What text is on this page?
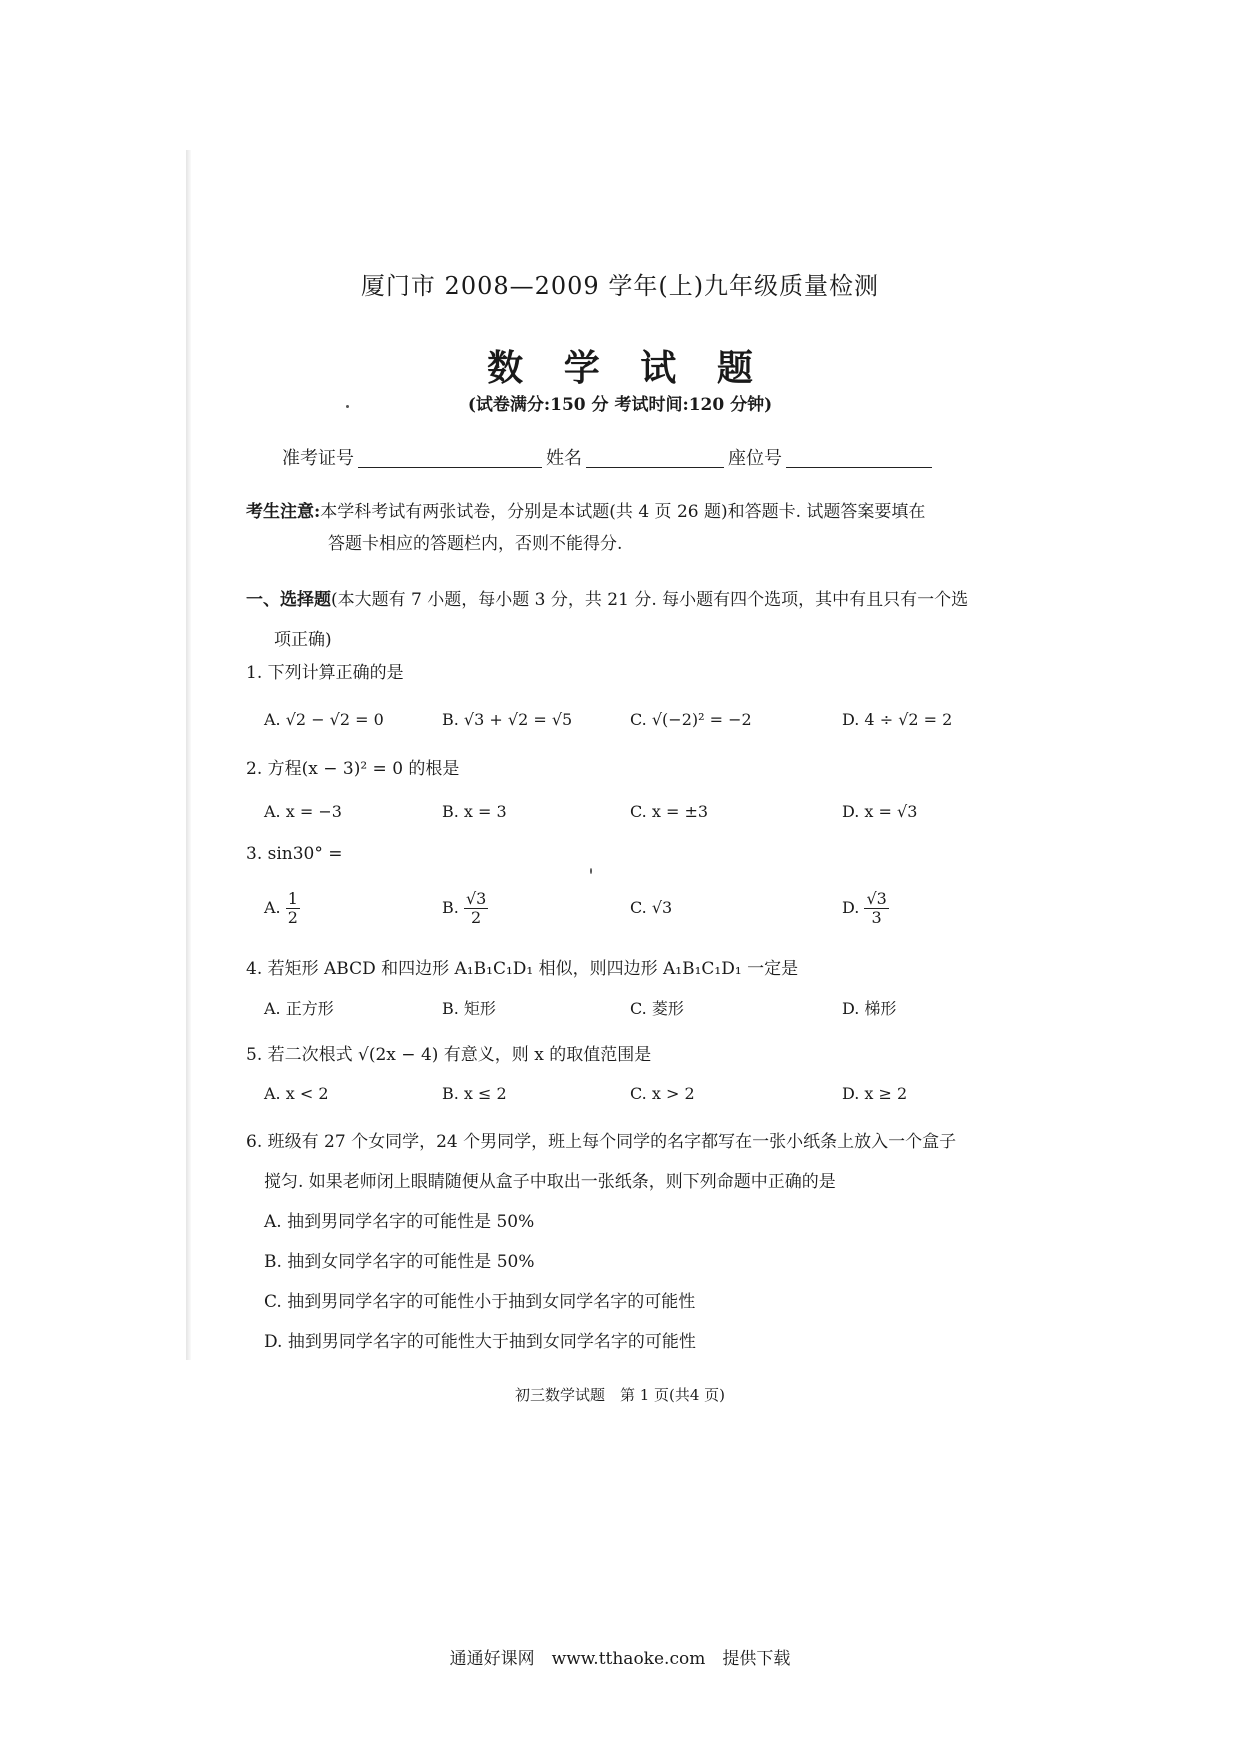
厦门市 2008—2009 学年(上)九年级质量检测
数 学 试 题
(试卷满分:150 分 考试时间:120 分钟)
准考证号	姓名	座位号
考生注意:本学科考试有两张试卷，分别是本试题(共 4 页 26 题)和答题卡. 试题答案要填在
答题卡相应的答题栏内，否则不能得分.
一、选择题(本大题有 7 小题，每小题 3 分，共 21 分. 每小题有四个选项，其中有且只有一个选
项正确)
1. 下列计算正确的是
A. √2 − √2 = 0	B. √3 + √2 = √5	C. √(−2)² = −2	D. 4 ÷ √2 = 2
2. 方程(x − 3)² = 0 的根是
A. x = −3	B. x = 3	C. x = ±3	D. x = √3
3. sin30° =
A. $\frac{1}{2}$	B. $\frac{√3}{2}$	C. √3	D. $\frac{√3}{3}$
4. 若矩形 ABCD 和四边形 A₁B₁C₁D₁ 相似，则四边形 A₁B₁C₁D₁ 一定是
A. 正方形	B. 矩形	C. 菱形	D. 梯形
5. 若二次根式 √(2x − 4) 有意义，则 x 的取值范围是
A. x < 2	B. x ≤ 2	C. x > 2	D. x ≥ 2
6. 班级有 27 个女同学，24 个男同学，班上每个同学的名字都写在一张小纸条上放入一个盒子
搅匀. 如果老师闭上眼睛随便从盒子中取出一张纸条，则下列命题中正确的是
A. 抽到男同学名字的可能性是 50%
B. 抽到女同学名字的可能性是 50%
C. 抽到男同学名字的可能性小于抽到女同学名字的可能性
D. 抽到男同学名字的可能性大于抽到女同学名字的可能性
初三数学试题　第 1 页(共4 页)
通通好课网　www.tthaoke.com　提供下载
